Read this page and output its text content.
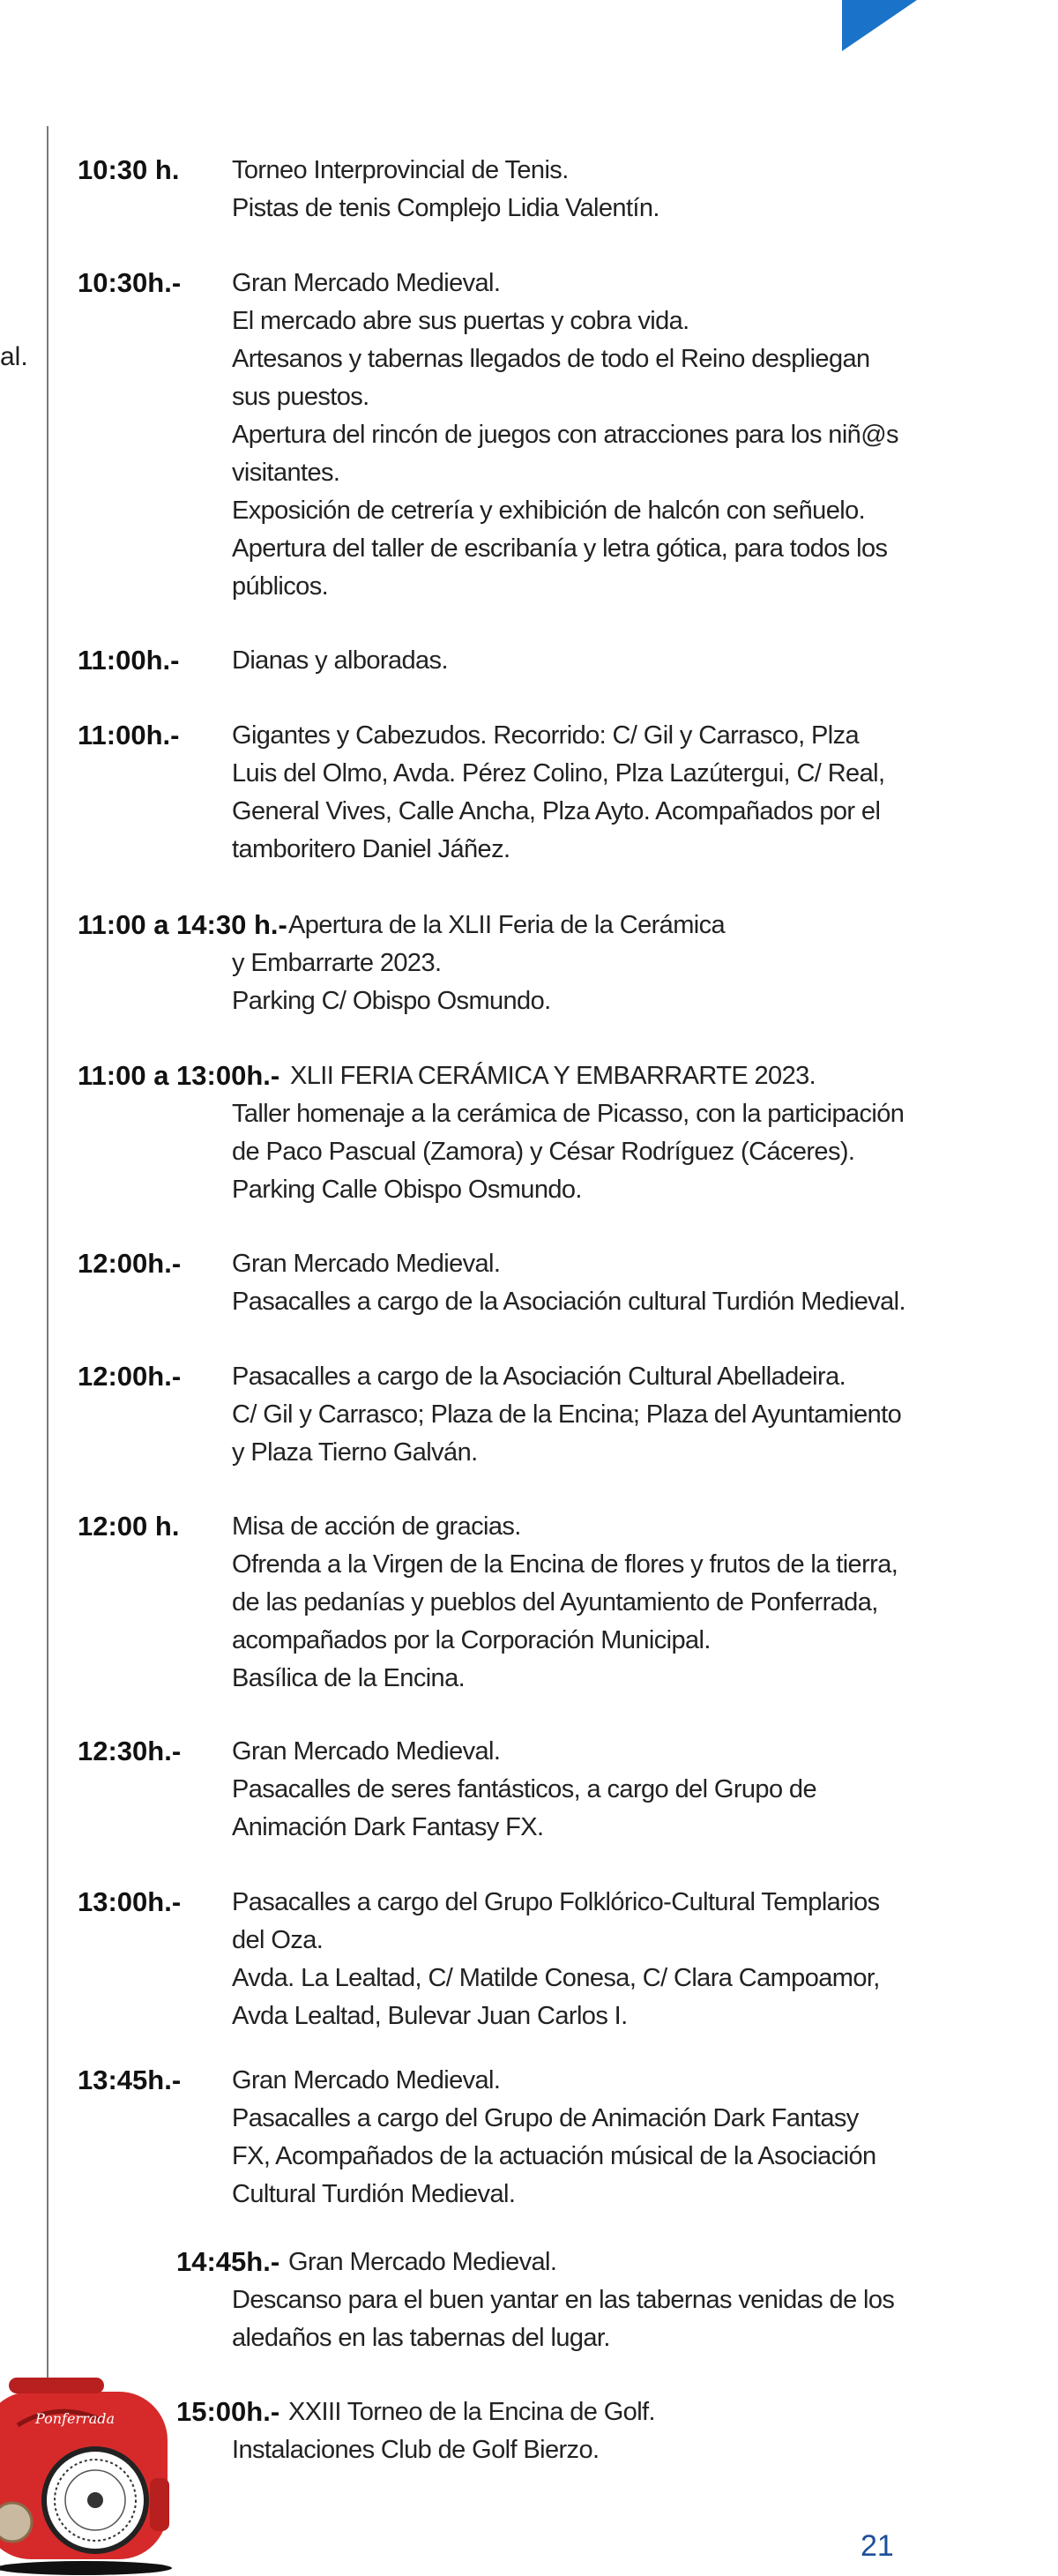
al.
10:30 h. Torneo Interprovincial de Tenis.
Pistas de tenis Complejo Lidia Valentín.
10:30h.- Gran Mercado Medieval.
El mercado abre sus puertas y cobra vida.
Artesanos y tabernas llegados de todo el Reino despliegan
sus puestos.
Apertura del rincón de juegos con atracciones para los niñ@s
visitantes.
Exposición de cetrería y exhibición de halcón con señuelo.
Apertura del taller de escribanía y letra gótica, para todos los
públicos.
11:00h.- Dianas y alboradas.
11:00h.- Gigantes y Cabezudos. Recorrido: C/ Gil y Carrasco, Plza
Luis del Olmo, Avda. Pérez Colino, Plza Lazútergui, C/ Real,
General Vives, Calle Ancha, Plza Ayto. Acompañados por el
tamboritero Daniel Jáñez.
11:00 a 14:30 h.- Apertura de la XLII Feria de la Cerámica
y Embarrarte 2023.
Parking C/ Obispo Osmundo.
11:00 a 13:00h.- XLII FERIA CERÁMICA Y EMBARRARTE 2023.
Taller homenaje a la cerámica de Picasso, con la participación
de Paco Pascual (Zamora) y César Rodríguez (Cáceres).
Parking Calle Obispo Osmundo.
12:00h.- Gran Mercado Medieval.
Pasacalles a cargo de la Asociación cultural Turdión Medieval.
12:00h.- Pasacalles a cargo de la Asociación Cultural Abelladeira.
C/ Gil y Carrasco; Plaza de la Encina; Plaza del Ayuntamiento
y Plaza Tierno Galván.
12:00 h. Misa de acción de gracias.
Ofrenda a la Virgen de la Encina de flores y frutos de la tierra,
de las pedanías y pueblos del Ayuntamiento de Ponferrada,
acompañados por la Corporación Municipal.
Basílica de la Encina.
12:30h.- Gran Mercado Medieval.
Pasacalles de seres fantásticos, a cargo del Grupo de
Animación Dark Fantasy FX.
13:00h.- Pasacalles a cargo del Grupo Folklórico-Cultural Templarios
del Oza.
Avda. La Lealtad, C/ Matilde Conesa, C/ Clara Campoamor,
Avda Lealtad, Bulevar Juan Carlos I.
13:45h.- Gran Mercado Medieval.
Pasacalles a cargo del Grupo de Animación Dark Fantasy
FX, Acompañados de la actuación músical de la Asociación
Cultural Turdión Medieval.
14:45h.- Gran Mercado Medieval.
Descanso para el buen yantar en las tabernas venidas de los
aledaños en las tabernas del lugar.
15:00h.- XXIII Torneo de la Encina de Golf.
Instalaciones Club de Golf Bierzo.
Ponferrada
21
